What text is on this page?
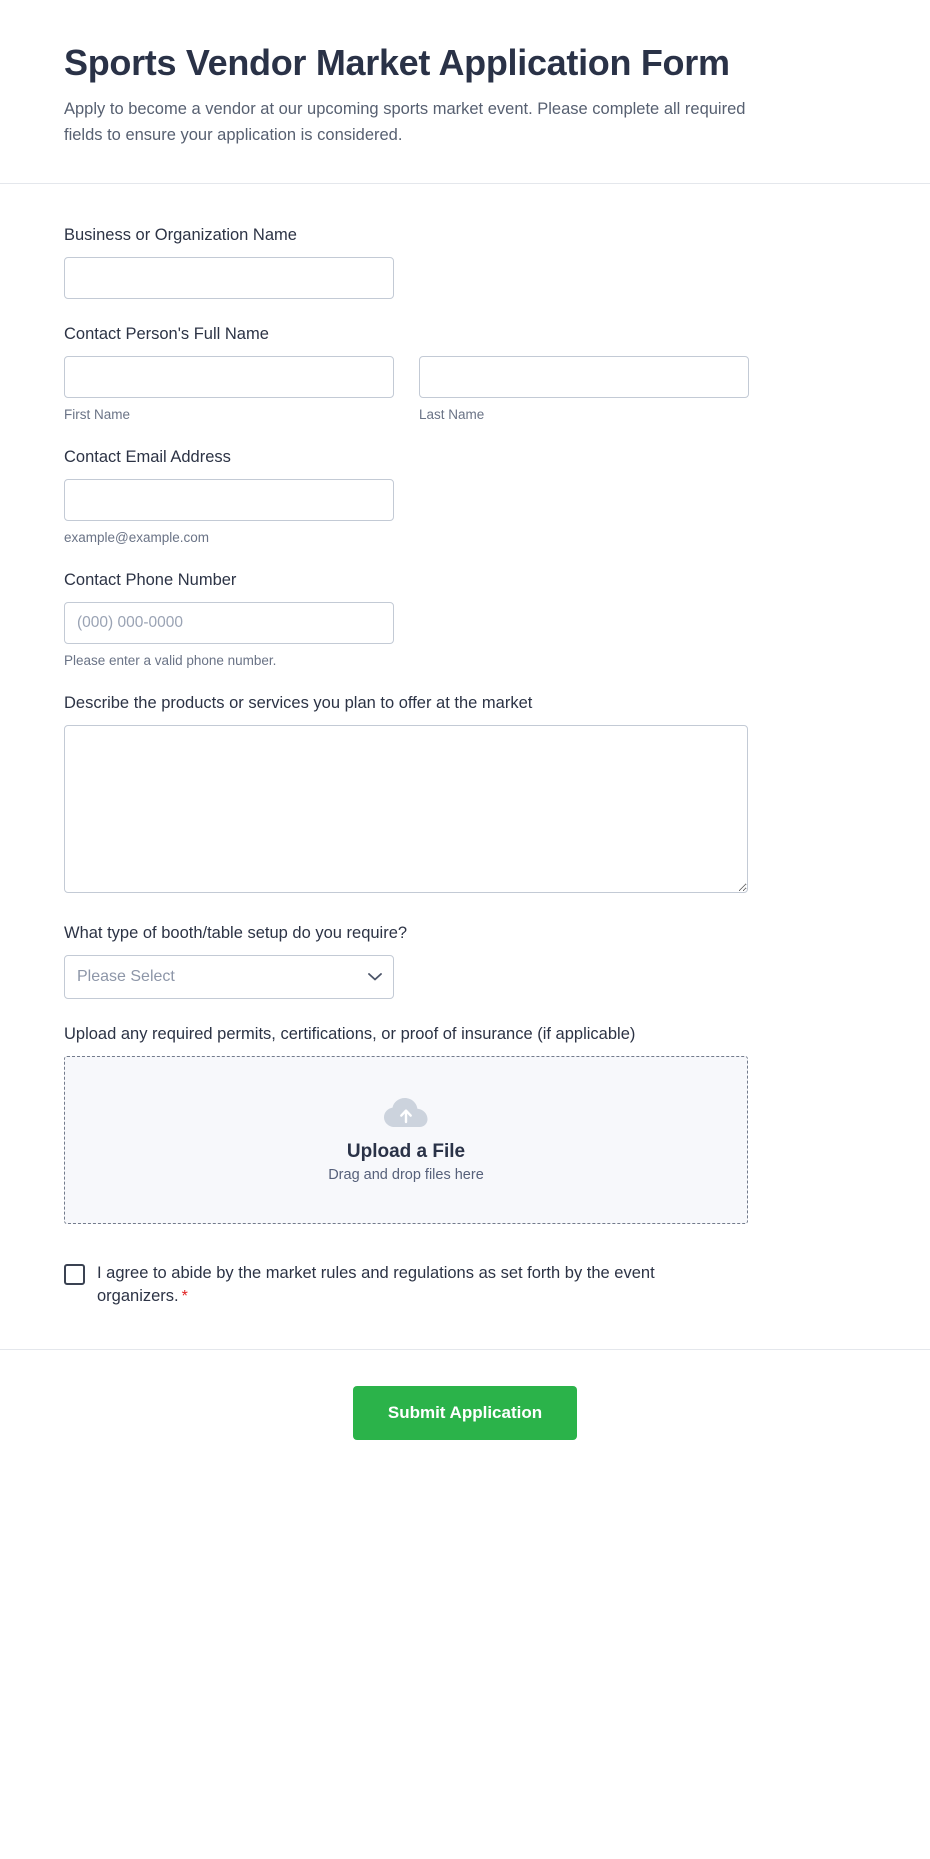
Sports Vendor Market Application Form

Apply to become a vendor at our upcoming sports market event. Please complete all required fields to ensure your application is considered.

Business or Organization Name
Contact Person's Full Name
First Name	Last Name
Contact Email Address
example@example.com
Contact Phone Number
(000) 000-0000
Please enter a valid phone number.
Describe the products or services you plan to offer at the market
What type of booth/table setup do you require?
Please Select
Upload any required permits, certifications, or proof of insurance (if applicable)
Upload a File
Drag and drop files here
I agree to abide by the market rules and regulations as set forth by the event organizers. *
Submit Application
